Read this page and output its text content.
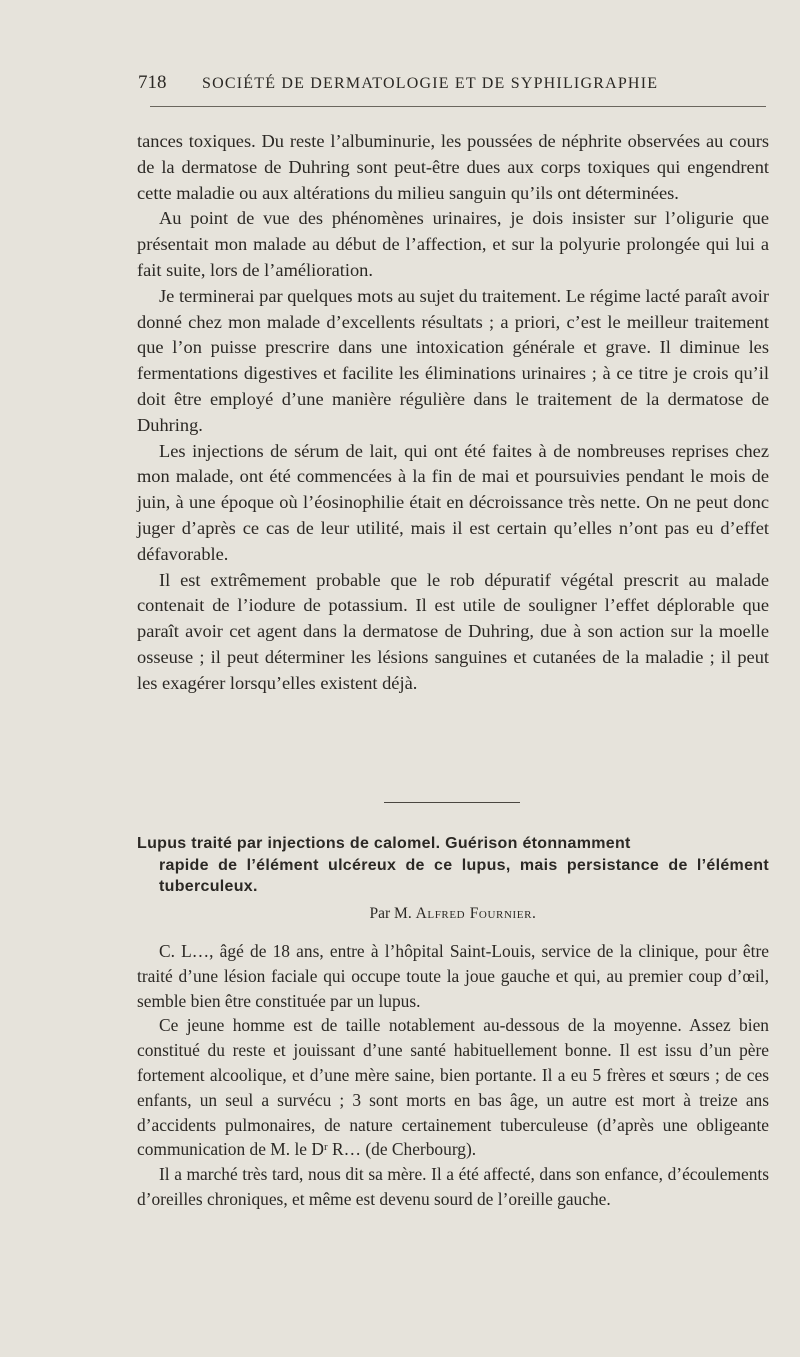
718 SOCIÉTÉ DE DERMATOLOGIE ET DE SYPHILIGRAPHIE

tances toxiques. Du reste l’albuminurie, les poussées de néphrite observées au cours de la dermatose de Duhring sont peut-être dues aux corps toxiques qui engendrent cette maladie ou aux altérations du milieu sanguin qu’ils ont déterminées.

Au point de vue des phénomènes urinaires, je dois insister sur l’oligurie que présentait mon malade au début de l’affection, et sur la polyurie prolongée qui lui a fait suite, lors de l’amélioration.

Je terminerai par quelques mots au sujet du traitement. Le régime lacté paraît avoir donné chez mon malade d’excellents résultats ; a priori, c’est le meilleur traitement que l’on puisse prescrire dans une intoxication générale et grave. Il diminue les fermentations digestives et facilite les éliminations urinaires ; à ce titre je crois qu’il doit être employé d’une manière régulière dans le traitement de la dermatose de Duhring.

Les injections de sérum de lait, qui ont été faites à de nombreuses reprises chez mon malade, ont été commencées à la fin de mai et poursuivies pendant le mois de juin, à une époque où l’éosinophilie était en décroissance très nette. On ne peut donc juger d’après ce cas de leur utilité, mais il est certain qu’elles n’ont pas eu d’effet défavorable.

Il est extrêmement probable que le rob dépuratif végétal prescrit au malade contenait de l’iodure de potassium. Il est utile de souligner l’effet déplorable que paraît avoir cet agent dans la dermatose de Duhring, due à son action sur la moelle osseuse ; il peut déterminer les lésions sanguines et cutanées de la maladie ; il peut les exagérer lorsqu’elles existent déjà.

Lupus traité par injections de calomel. Guérison étonnamment

rapide de l’élément ulcéreux de ce lupus, mais persistance de l’élément tuberculeux.

Par M. Alfred Fournier.

C. L…, âgé de 18 ans, entre à l’hôpital Saint-Louis, service de la clinique, pour être traité d’une lésion faciale qui occupe toute la joue gauche et qui, au premier coup d’œil, semble bien être constituée par un lupus.

Ce jeune homme est de taille notablement au-dessous de la moyenne. Assez bien constitué du reste et jouissant d’une santé habituellement bonne. Il est issu d’un père fortement alcoolique, et d’une mère saine, bien portante. Il a eu 5 frères et sœurs ; de ces enfants, un seul a survécu ; 3 sont morts en bas âge, un autre est mort à treize ans d’accidents pulmonaires, de nature certainement tuberculeuse (d’après une obligeante communication de M. le Dʳ R… (de Cherbourg).

Il a marché très tard, nous dit sa mère. Il a été affecté, dans son enfance, d’écoulements d’oreilles chroniques, et même est devenu sourd de l’oreille gauche.
